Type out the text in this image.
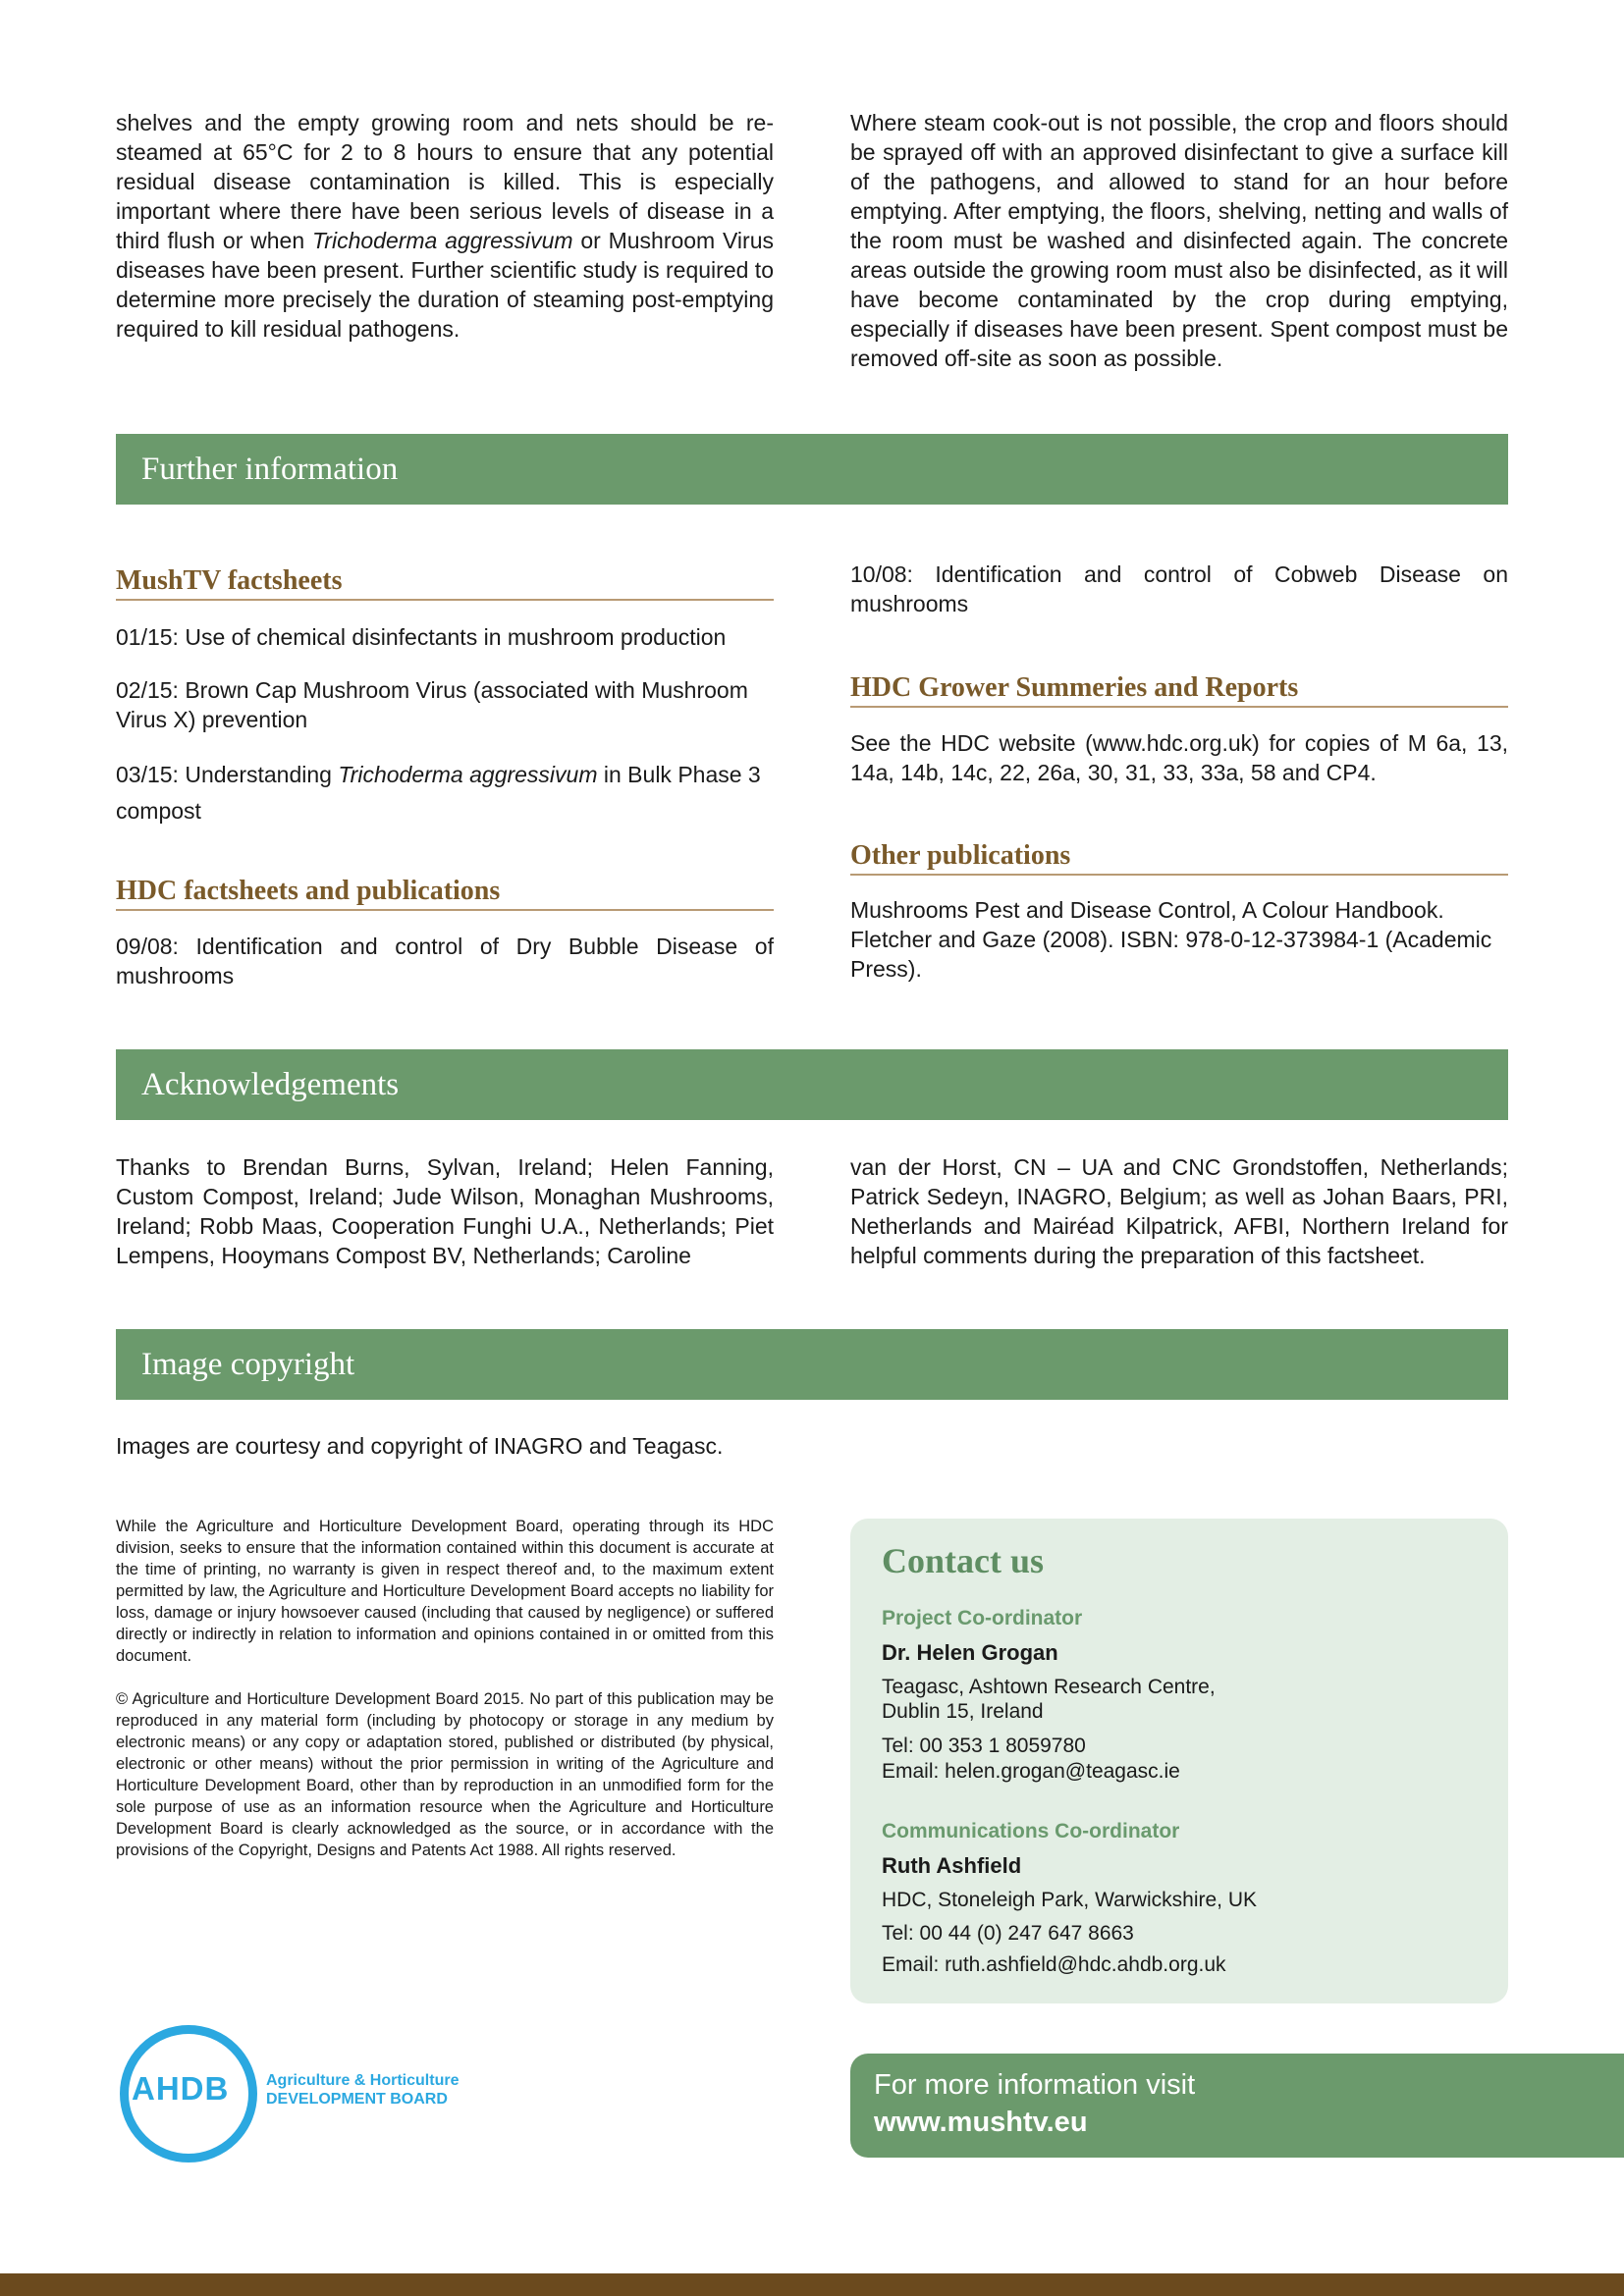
shelves and the empty growing room and nets should be re-steamed at 65°C for 2 to 8 hours to ensure that any potential residual disease contamination is killed. This is especially important where there have been serious levels of disease in a third flush or when Trichoderma aggressivum or Mushroom Virus diseases have been present. Further scientific study is required to determine more precisely the duration of steaming post-emptying required to kill residual pathogens.
Where steam cook-out is not possible, the crop and floors should be sprayed off with an approved disinfectant to give a surface kill of the pathogens, and allowed to stand for an hour before emptying. After emptying, the floors, shelving, netting and walls of the room must be washed and disinfected again. The concrete areas outside the growing room must also be disinfected, as it will have become contaminated by the crop during emptying, especially if diseases have been present. Spent compost must be removed off-site as soon as possible.
Further information
MushTV factsheets
01/15: Use of chemical disinfectants in mushroom production
02/15: Brown Cap Mushroom Virus (associated with Mushroom Virus X) prevention
03/15: Understanding Trichoderma aggressivum in Bulk Phase 3 compost
HDC factsheets and publications
09/08: Identification and control of Dry Bubble Disease of mushrooms
10/08: Identification and control of Cobweb Disease on mushrooms
HDC Grower Summeries and Reports
See the HDC website (www.hdc.org.uk) for copies of M 6a, 13, 14a, 14b, 14c, 22, 26a, 30, 31, 33, 33a, 58 and CP4.
Other publications
Mushrooms Pest and Disease Control, A Colour Handbook. Fletcher and Gaze (2008). ISBN: 978-0-12-373984-1 (Academic Press).
Acknowledgements
Thanks to Brendan Burns, Sylvan, Ireland; Helen Fanning, Custom Compost, Ireland; Jude Wilson, Monaghan Mushrooms, Ireland; Robb Maas, Cooperation Funghi U.A., Netherlands; Piet Lempens, Hooymans Compost BV, Netherlands; Caroline
van der Horst, CN – UA and CNC Grondstoffen, Netherlands; Patrick Sedeyn, INAGRO, Belgium; as well as Johan Baars, PRI, Netherlands and Mairéad Kilpatrick, AFBI, Northern Ireland for helpful comments during the preparation of this factsheet.
Image copyright
Images are courtesy and copyright of INAGRO and Teagasc.
While the Agriculture and Horticulture Development Board, operating through its HDC division, seeks to ensure that the information contained within this document is accurate at the time of printing, no warranty is given in respect thereof and, to the maximum extent permitted by law, the Agriculture and Horticulture Development Board accepts no liability for loss, damage or injury howsoever caused (including that caused by negligence) or suffered directly or indirectly in relation to information and opinions contained in or omitted from this document.
© Agriculture and Horticulture Development Board 2015. No part of this publication may be reproduced in any material form (including by photocopy or storage in any medium by electronic means) or any copy or adaptation stored, published or distributed (by physical, electronic or other means) without the prior permission in writing of the Agriculture and Horticulture Development Board, other than by reproduction in an unmodified form for the sole purpose of use as an information resource when the Agriculture and Horticulture Development Board is clearly acknowledged as the source, or in accordance with the provisions of the Copyright, Designs and Patents Act 1988. All rights reserved.
Contact us
Project Co-ordinator
Dr. Helen Grogan
Teagasc, Ashtown Research Centre,
Dublin 15, Ireland
Tel: 00 353 1 8059780
Email: helen.grogan@teagasc.ie
Communications Co-ordinator
Ruth Ashfield
HDC, Stoneleigh Park, Warwickshire, UK
Tel: 00 44 (0) 247 647 8663
Email: ruth.ashfield@hdc.ahdb.org.uk
AHDB Agriculture & Horticulture
DEVELOPMENT BOARD	For more information visit
www.mushtv.eu
